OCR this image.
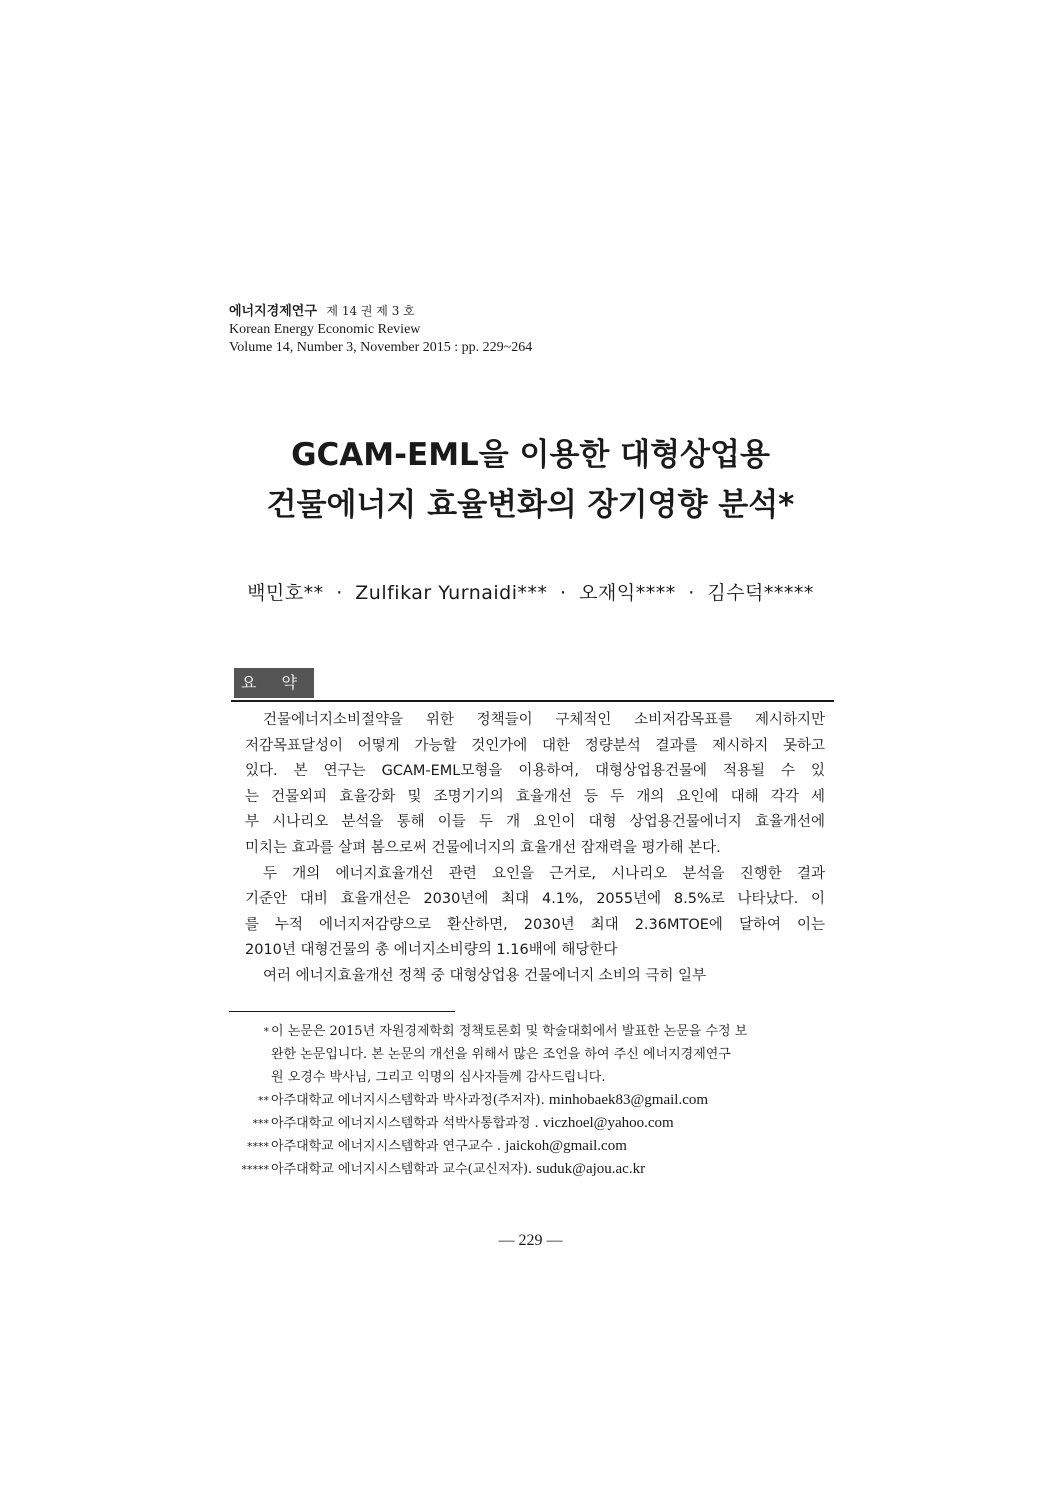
에너지경제연구 제 14 권 제 3 호
Korean Energy Economic Review
Volume 14, Number 3, November 2015 : pp. 229~264
GCAM-EML을 이용한 대형상업용
건물에너지 효율변화의 장기영향 분석*
백민호** · Zulfikar Yurnaidi*** · 오재익**** · 김수덕*****
요 약
건물에너지소비절약을 위한 정책들이 구체적인 소비저감목표를 제시하지만
저감목표달성이 어떻게 가능할 것인가에 대한 정량분석 결과를 제시하지 못하고
있다. 본 연구는 GCAM-EML모형을 이용하여, 대형상업용건물에 적용될 수 있
는 건물외피 효율강화 및 조명기기의 효율개선 등 두 개의 요인에 대해 각각 세
부 시나리오 분석을 통해 이들 두 개 요인이 대형 상업용건물에너지 효율개선에
미치는 효과를 살펴 봄으로써 건물에너지의 효율개선 잠재력을 평가해 본다.
두 개의 에너지효율개선 관련 요인을 근거로, 시나리오 분석을 진행한 결과
기준안 대비 효율개선은 2030년에 최대 4.1%, 2055년에 8.5%로 나타났다. 이
를 누적 에너지저감량으로 환산하면, 2030년 최대 2.36MTOE에 달하여 이는
2010년 대형건물의 총 에너지소비량의 1.16배에 해당한다
여러 에너지효율개선 정책 중 대형상업용 건물에너지 소비의 극히 일부
* 이 논문은 2015년 자원경제학회 정책토론회 및 학술대회에서 발표한 논문을 수정 보
완한 논문입니다. 본 논문의 개선을 위해서 많은 조언을 하여 주신 에너지경제연구
원 오경수 박사님, 그리고 익명의 심사자들께 감사드립니다.
** 아주대학교 에너지시스템학과 박사과정(주저자). minhobaek83@gmail.com
*** 아주대학교 에너지시스템학과 석박사통합과정 . viczhoel@yahoo.com
**** 아주대학교 에너지시스템학과 연구교수 . jaickoh@gmail.com
***** 아주대학교 에너지시스템학과 교수(교신저자). suduk@ajou.ac.kr
― 229 ―
